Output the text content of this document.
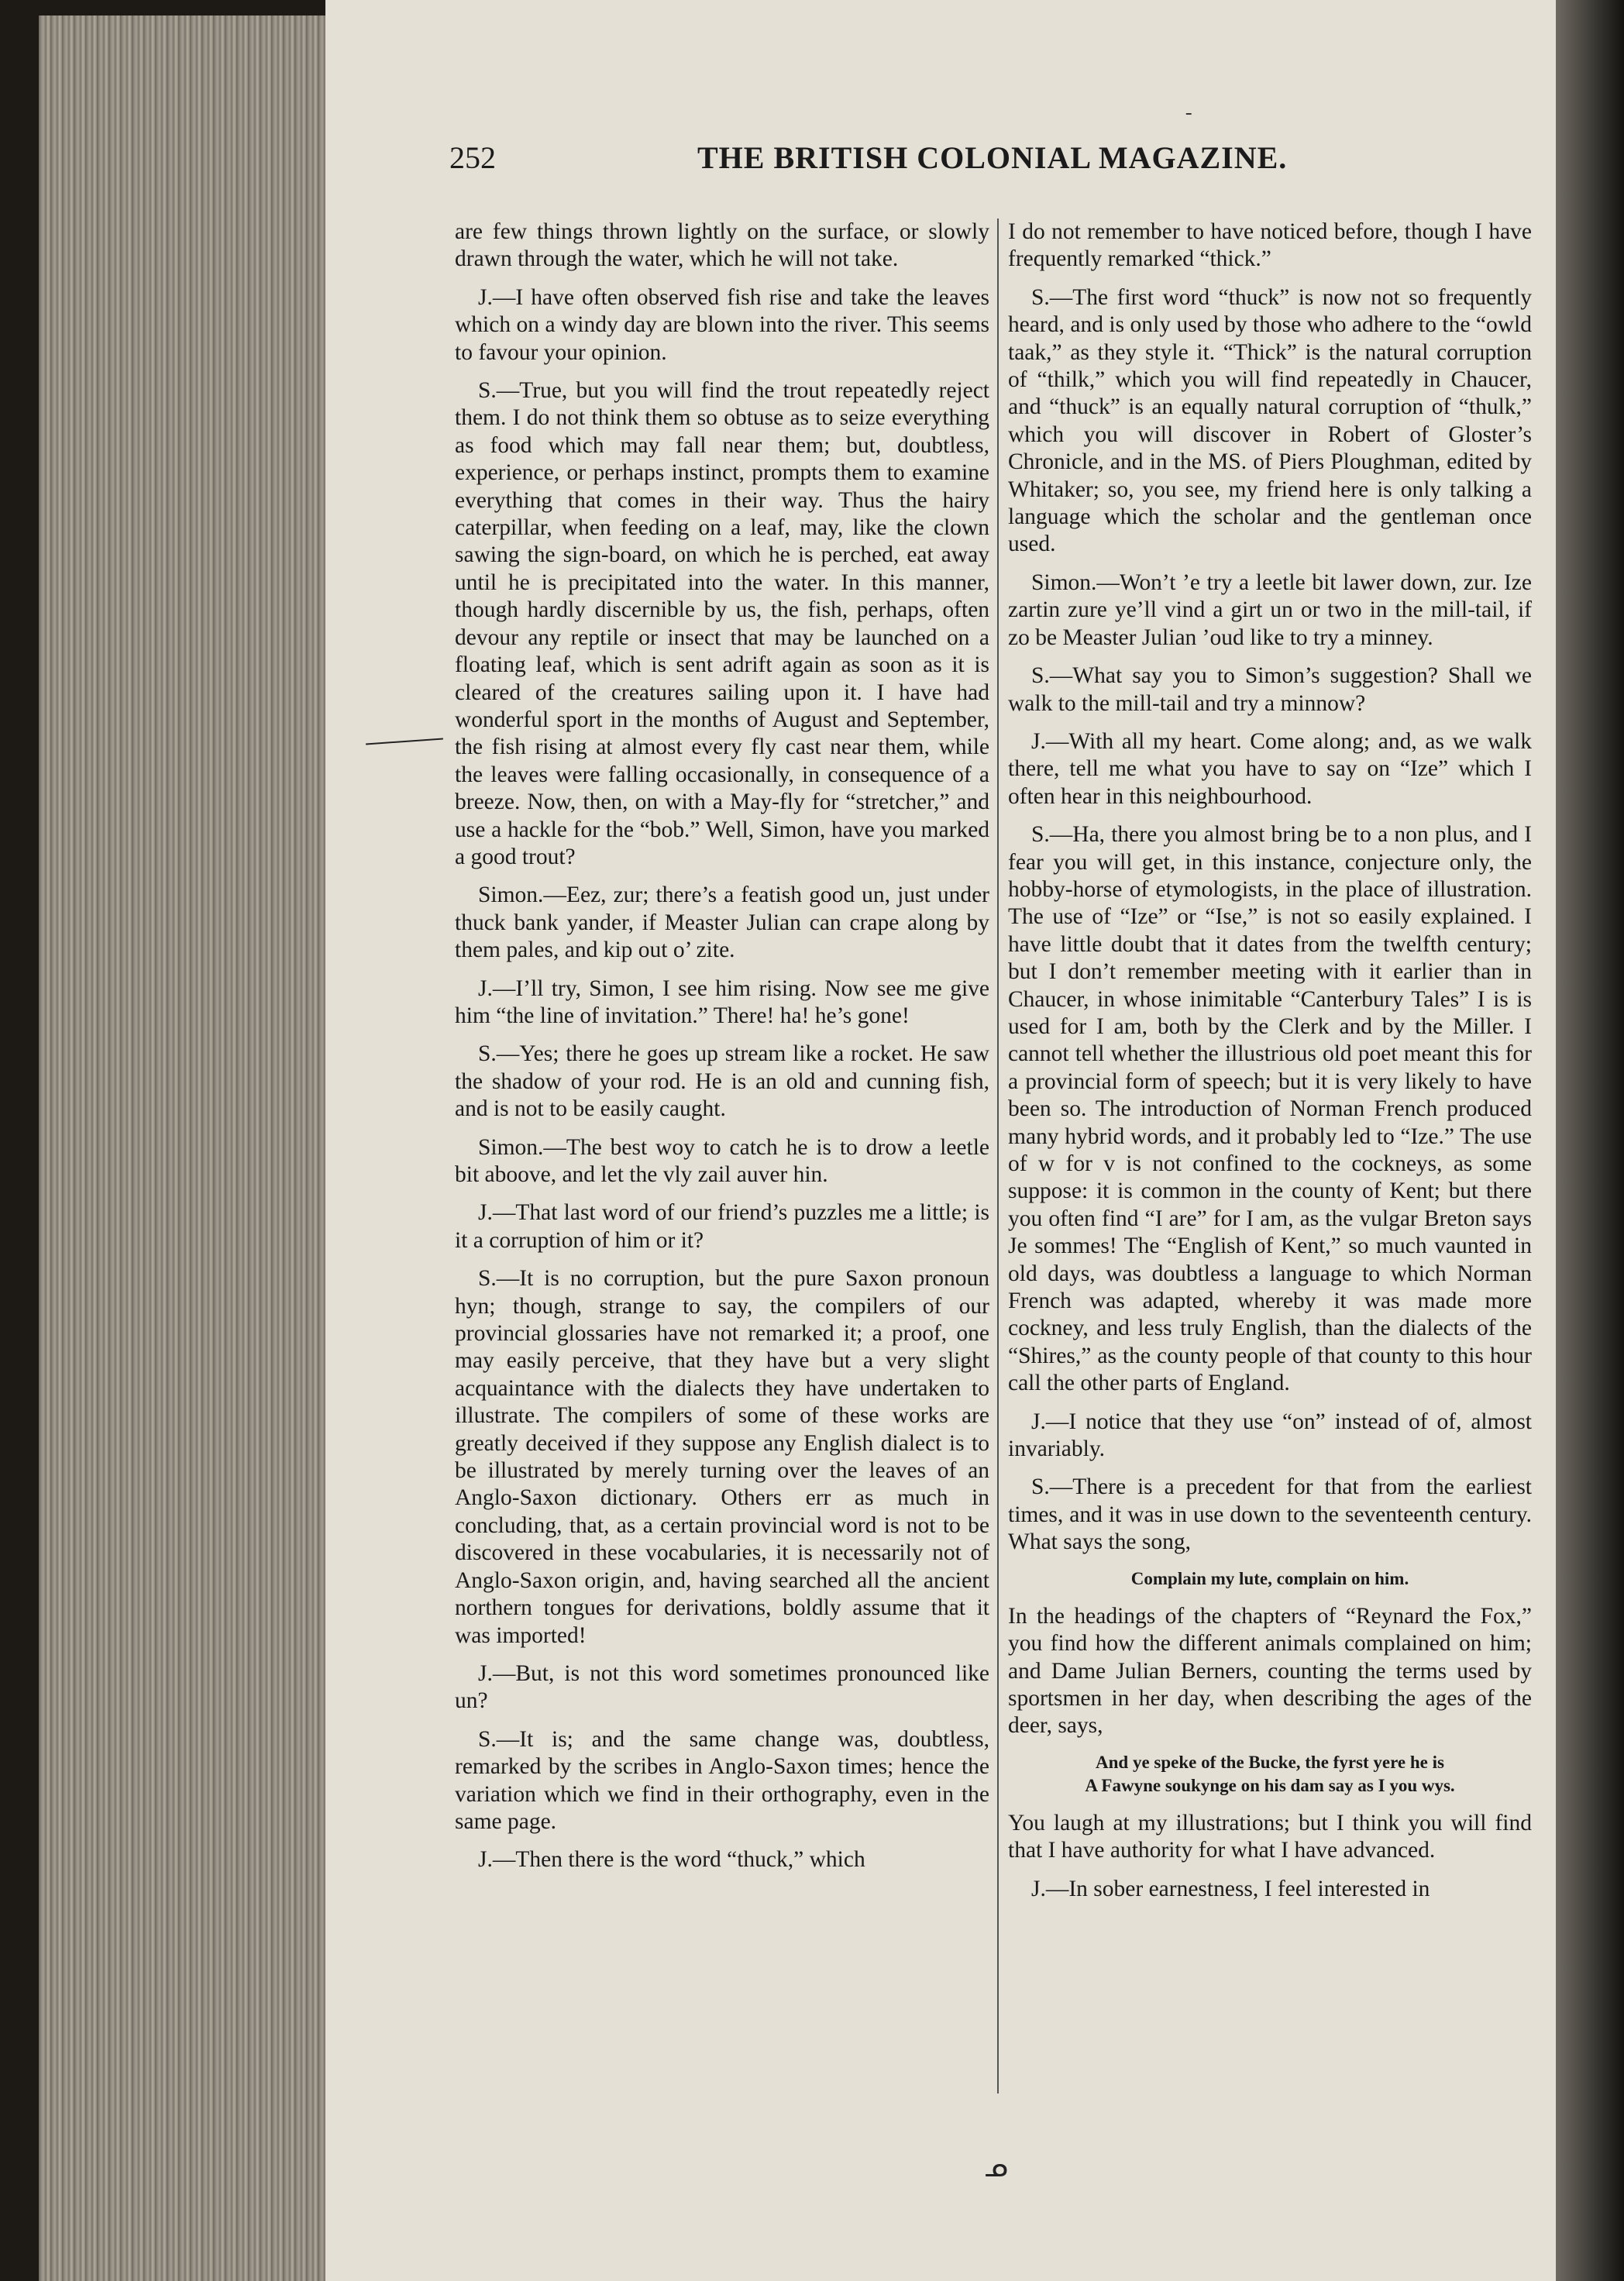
252	THE BRITISH COLONIAL MAGAZINE.
ـ

are few things thrown lightly on the surface, or slowly drawn through the water, which he will not take.

J.—I have often observed fish rise and take the leaves which on a windy day are blown into the river. This seems to favour your opinion.

S.—True, but you will find the trout repeatedly reject them. I do not think them so obtuse as to seize everything as food which may fall near them; but, doubtless, experience, or perhaps instinct, prompts them to examine everything that comes in their way. Thus the hairy caterpillar, when feeding on a leaf, may, like the clown sawing the sign-board, on which he is perched, eat away until he is precipitated into the water. In this manner, though hardly discernible by us, the fish, perhaps, often devour any reptile or insect that may be launched on a floating leaf, which is sent adrift again as soon as it is cleared of the creatures sailing upon it. I have had wonderful sport in the months of August and September, the fish rising at almost every fly cast near them, while the leaves were falling occasionally, in consequence of a breeze. Now, then, on with a May-fly for “stretcher,” and use a hackle for the “bob.” Well, Simon, have you marked a good trout?

Simon.—Eez, zur; there’s a featish good un, just under thuck bank yander, if Measter Julian can crape along by them pales, and kip out o’ zite.

J.—I’ll try, Simon, I see him rising. Now see me give him “the line of invitation.” There! ha! he’s gone!

S.—Yes; there he goes up stream like a rocket. He saw the shadow of your rod. He is an old and cunning fish, and is not to be easily caught.

Simon.—The best woy to catch he is to drow a leetle bit aboove, and let the vly zail auver hin.

J.—That last word of our friend’s puzzles me a little; is it a corruption of him or it?

S.—It is no corruption, but the pure Saxon pronoun hyn; though, strange to say, the compilers of our provincial glossaries have not remarked it; a proof, one may easily perceive, that they have but a very slight acquaintance with the dialects they have undertaken to illustrate. The compilers of some of these works are greatly deceived if they suppose any English dialect is to be illustrated by merely turning over the leaves of an Anglo-Saxon dictionary. Others err as much in concluding, that, as a certain provincial word is not to be discovered in these vocabularies, it is necessarily not of Anglo-Saxon origin, and, having searched all the ancient northern tongues for derivations, boldly assume that it was imported!

J.—But, is not this word sometimes pronounced like un?

S.—It is; and the same change was, doubtless, remarked by the scribes in Anglo-Saxon times; hence the variation which we find in their orthography, even in the same page.

J.—Then there is the word “thuck,” which

I do not remember to have noticed before, though I have frequently remarked “thick.”

S.—The first word “thuck” is now not so frequently heard, and is only used by those who adhere to the “owld taak,” as they style it. “Thick” is the natural corruption of “thilk,” which you will find repeatedly in Chaucer, and “thuck” is an equally natural corruption of “thulk,” which you will discover in Robert of Gloster’s Chronicle, and in the MS. of Piers Ploughman, edited by Whitaker; so, you see, my friend here is only talking a language which the scholar and the gentleman once used.

Simon.—Won’t ’e try a leetle bit lawer down, zur. Ize zartin zure ye’ll vind a girt un or two in the mill-tail, if zo be Measter Julian ’oud like to try a minney.

S.—What say you to Simon’s suggestion? Shall we walk to the mill-tail and try a minnow?

J.—With all my heart. Come along; and, as we walk there, tell me what you have to say on “Ize” which I often hear in this neighbourhood.

S.—Ha, there you almost bring be to a non plus, and I fear you will get, in this instance, conjecture only, the hobby-horse of etymologists, in the place of illustration. The use of “Ize” or “Ise,” is not so easily explained. I have little doubt that it dates from the twelfth century; but I don’t remember meeting with it earlier than in Chaucer, in whose inimitable “Canterbury Tales” I is is used for I am, both by the Clerk and by the Miller. I cannot tell whether the illustrious old poet meant this for a provincial form of speech; but it is very likely to have been so. The introduction of Norman French produced many hybrid words, and it probably led to “Ize.” The use of w for v is not confined to the cockneys, as some suppose: it is common in the county of Kent; but there you often find “I are” for I am, as the vulgar Breton says Je sommes! The “English of Kent,” so much vaunted in old days, was doubtless a language to which Norman French was adapted, whereby it was made more cockney, and less truly English, than the dialects of the “Shires,” as the county people of that county to this hour call the other parts of England.

J.—I notice that they use “on” instead of of, almost invariably.

S.—There is a precedent for that from the earliest times, and it was in use down to the seventeenth century. What says the song,

Complain my lute, complain on him.

In the headings of the chapters of “Reynard the Fox,” you find how the different animals complained on him; and Dame Julian Berners, counting the terms used by sportsmen in her day, when describing the ages of the deer, says,

And ye speke of the Bucke, the fyrst yere he is
A Fawyne soukynge on his dam say as I you wys.

You laugh at my illustrations; but I think you will find that I have authority for what I have advanced.

J.—In sober earnestness, I feel interested in

ᓄ
